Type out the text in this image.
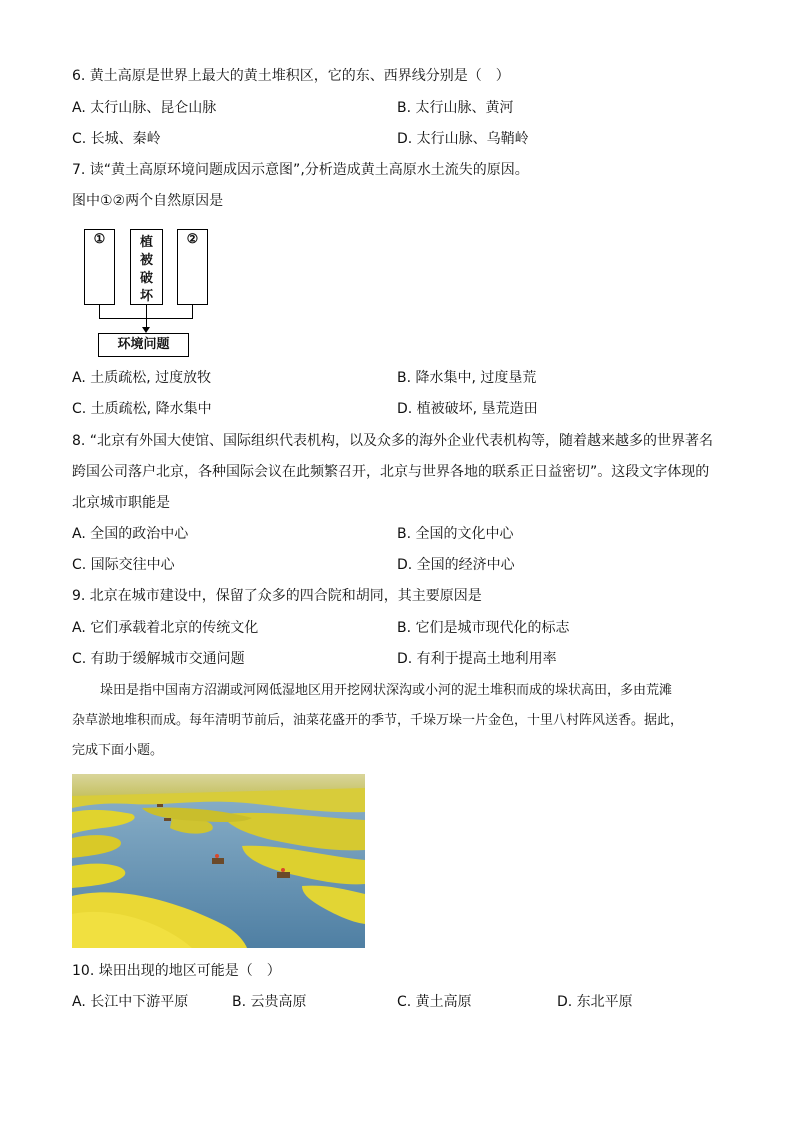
6. 黄土高原是世界上最大的黄土堆积区，它的东、西界线分别是（　）
A. 太行山脉、昆仑山脉	B. 太行山脉、黄河
C. 长城、秦岭	D. 太行山脉、乌鞘岭
7. 读“黄土高原环境问题成因示意图”,分析造成黄土高原水土流失的原因。
图中①②两个自然原因是
①	植被破坏
②
环境问题
A. 土质疏松, 过度放牧	B. 降水集中, 过度垦荒
C. 土质疏松, 降水集中	D. 植被破坏, 垦荒造田
8. “北京有外国大使馆、国际组织代表机构，以及众多的海外企业代表机构等，随着越来越多的世界著名
跨国公司落户北京，各种国际会议在此频繁召开，北京与世界各地的联系正日益密切”。这段文字体现的
北京城市职能是
A. 全国的政治中心	B. 全国的文化中心
C. 国际交往中心	D. 全国的经济中心
9. 北京在城市建设中，保留了众多的四合院和胡同，其主要原因是
A. 它们承载着北京的传统文化	B. 它们是城市现代化的标志
C. 有助于缓解城市交通问题	D. 有利于提高土地利用率
垛田是指中国南方沼湖或河网低湿地区用开挖网状深沟或小河的泥土堆积而成的垛状高田，多由荒滩
杂草淤地堆积而成。每年清明节前后，油菜花盛开的季节，千垛万垛一片金色，十里八村阵风送香。据此，
完成下面小题。
10. 垛田出现的地区可能是（　）
A. 长江中下游平原	B. 云贵高原	C. 黄土高原	D. 东北平原
